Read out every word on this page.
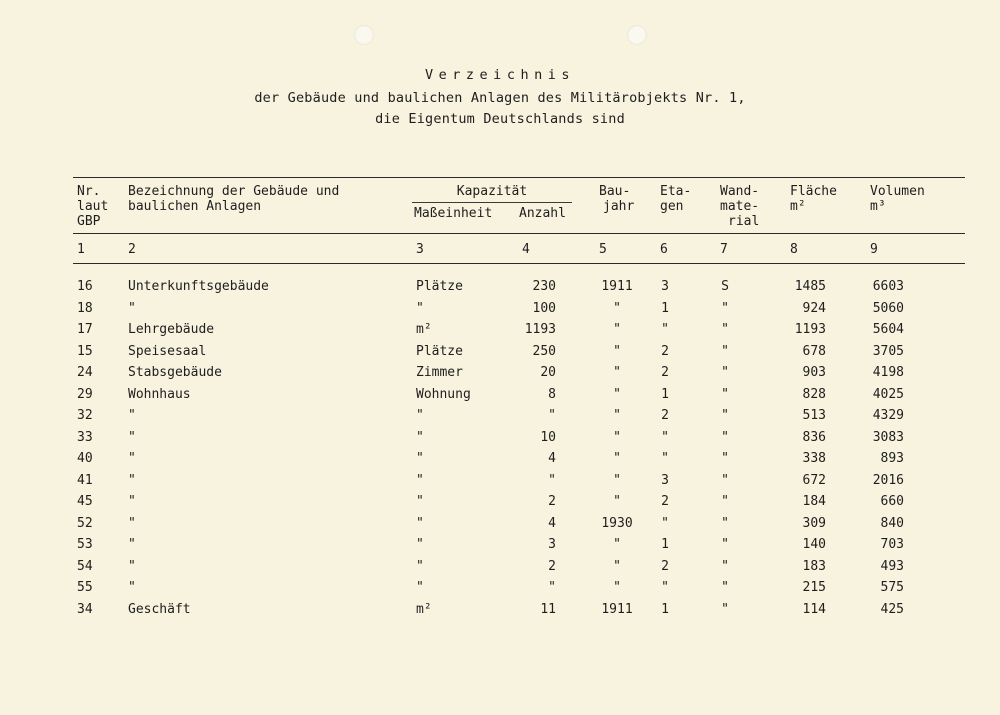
Verzeichnis
der Gebäude und baulichen Anlagen des Militärobjekts Nr. 1,
die Eigentum Deutschlands sind
Nr.
laut
GBP
Bezeichnung der Gebäude und
baulichen Anlagen
Kapazität
Maßeinheit Anzahl
Bau-
jahr
Eta-
gen
Wand-
mate-
rial
Fläche
m²
Volumen
m³
1	2	3	4	5	6	7	8	9
16	Unterkunftsgebäude	Plätze	230	1911 3	S	1485	6603
18	"	"	100	"	1	"	924	5060
17	Lehrgebäude	m²	1193	"	"	"	1193	5604
15	Speisesaal	Plätze	250	"	2	"	678	3705
24	Stabsgebäude	Zimmer	20	"	2	"	903	4198
29	Wohnhaus	Wohnung	8	"	1	"	828	4025
32	"	"	"	"	2	"	513	4329
33	"	"	10	"	"	"	836	3083
40	"	"	4	"	"	"	338	893
41	"	"	"	"	3	"	672	2016
45	"	"	2	"	2	"	184	660
52	"	"	4	1930 "	"	309	840
53	"	"	3	"	1	"	140	703
54	"	"	2	"	2	"	183	493
55	"	"	"	"	"	"	215	575
34	Geschäft	m²	11	1911 1	"	114	425
